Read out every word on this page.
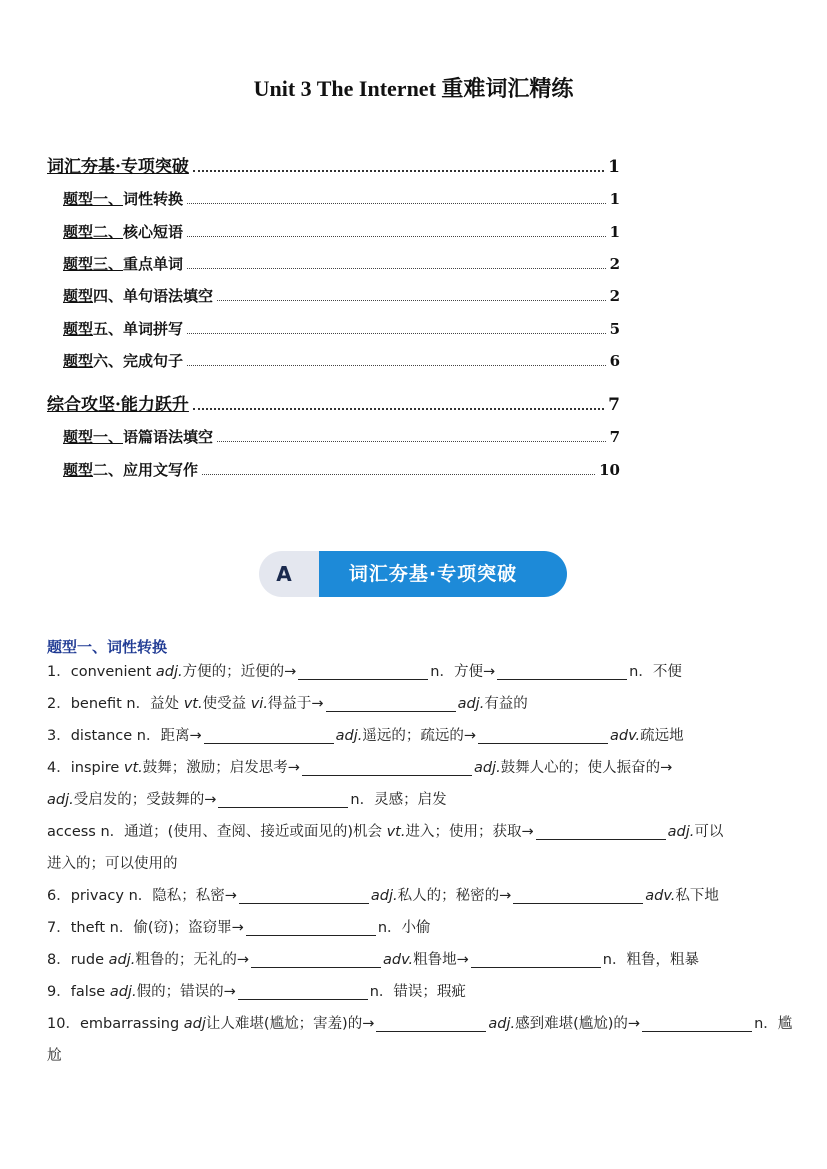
Unit 3 The Internet 重难词汇精练
词汇夯基·专项突破	1
题型一、词性转换	1
题型二、核心短语	1
题型三、重点单词	2
题型四、单句语法填空	2
题型五、单词拼写	5
题型六、完成句子	6
综合攻坚·能力跃升	7
题型一、语篇语法填空	7
题型二、应用文写作	10
A	词汇夯基·专项突破
题型一、词性转换
1．convenient adj.方便的；近便的→	n．方便→	n．不便
2．benefit n．益处 vt.使受益 vi.得益于→	adj.有益的
3．distance n．距离→	adj.遥远的；疏远的→	adv.疏远地
4．inspire vt.鼓舞；激励；启发思考→	adj.鼓舞人心的；使人振奋的→
adj.受启发的；受鼓舞的→	n．灵感；启发
access n．通道；(使用、查阅、接近或面见的)机会 vt.进入；使用；获取→	adj.可以
进入的；可以使用的
6．privacy n．隐私；私密→	adj.私人的；秘密的→	adv.私下地
7．theft n．偷(窃)；盗窃罪→	n．小偷
8．rude adj.粗鲁的；无礼的→	adv.粗鲁地→	n．粗鲁，粗暴
9．false adj.假的；错误的→	n．错误；瑕疵
10．embarrassing adj让人难堪(尴尬；害羞)的→	adj.感到难堪(尴尬)的→	n．尴
尬
